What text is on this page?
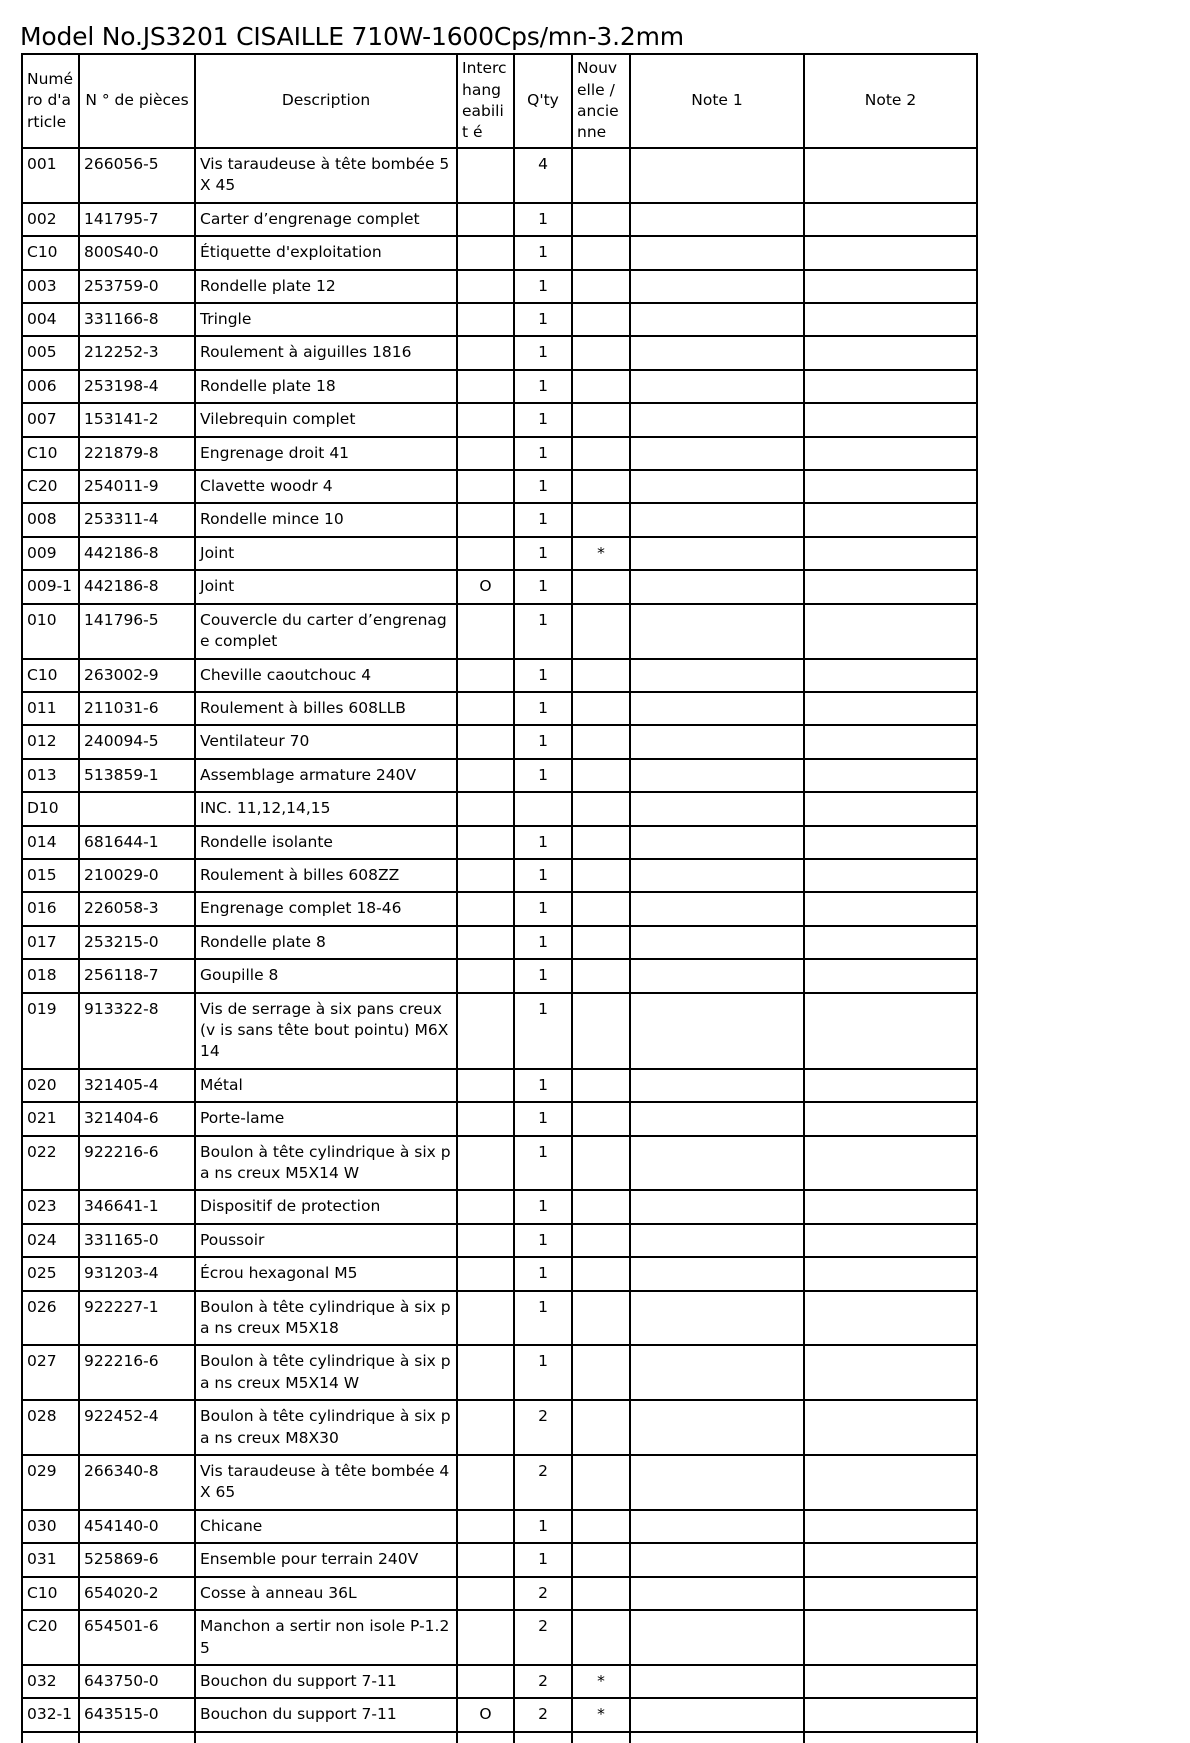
Model No.JS3201 CISAILLE 710W-1600Cps/mn-3.2mm
Numé ro d'a rticle	N ° de pièces	Description	Interc hang eabilit é	Q'ty	Nouv elle / ancie nne	Note 1	Note 2
001	266056-5	Vis taraudeuse à tête bombée 5X 45		4			
002	141795-7	Carter d’engrenage complet		1			
C10	800S40-0	Étiquette d'exploitation		1			
003	253759-0	Rondelle plate 12		1			
004	331166-8	Tringle		1			
005	212252-3	Roulement à aiguilles 1816		1			
006	253198-4	Rondelle plate 18		1			
007	153141-2	Vilebrequin complet		1			
C10	221879-8	Engrenage droit 41		1			
C20	254011-9	Clavette woodr 4		1			
008	253311-4	Rondelle mince 10		1			
009	442186-8	Joint		1	*		
009-1	442186-8	Joint	O	1			
010	141796-5	Couvercle du carter d’engrenage complet		1			
C10	263002-9	Cheville caoutchouc 4		1			
011	211031-6	Roulement à billes 608LLB		1			
012	240094-5	Ventilateur 70		1			
013	513859-1	Assemblage armature 240V		1			
D10		INC. 11,12,14,15					
014	681644-1	Rondelle isolante		1			
015	210029-0	Roulement à billes 608ZZ		1			
016	226058-3	Engrenage complet 18-46		1			
017	253215-0	Rondelle plate 8		1			
018	256118-7	Goupille 8		1			
019	913322-8	Vis de serrage à six pans creux (v is sans tête bout pointu) M6X14		1			
020	321405-4	Métal		1			
021	321404-6	Porte-lame		1			
022	922216-6	Boulon à tête cylindrique à six pa ns creux M5X14 W		1			
023	346641-1	Dispositif de protection		1			
024	331165-0	Poussoir		1			
025	931203-4	Écrou hexagonal M5		1			
026	922227-1	Boulon à tête cylindrique à six pa ns creux M5X18		1			
027	922216-6	Boulon à tête cylindrique à six pa ns creux M5X14 W		1			
028	922452-4	Boulon à tête cylindrique à six pa ns creux M8X30		2			
029	266340-8	Vis taraudeuse à tête bombée 4X 65		2			
030	454140-0	Chicane		1			
031	525869-6	Ensemble pour terrain 240V		1			
C10	654020-2	Cosse à anneau 36L		2			
C20	654501-6	Manchon a sertir non isole P-1.2 5		2			
032	643750-0	Bouchon du support 7-11		2	*		
032-1	643515-0	Bouchon du support 7-11	O	2	*		
